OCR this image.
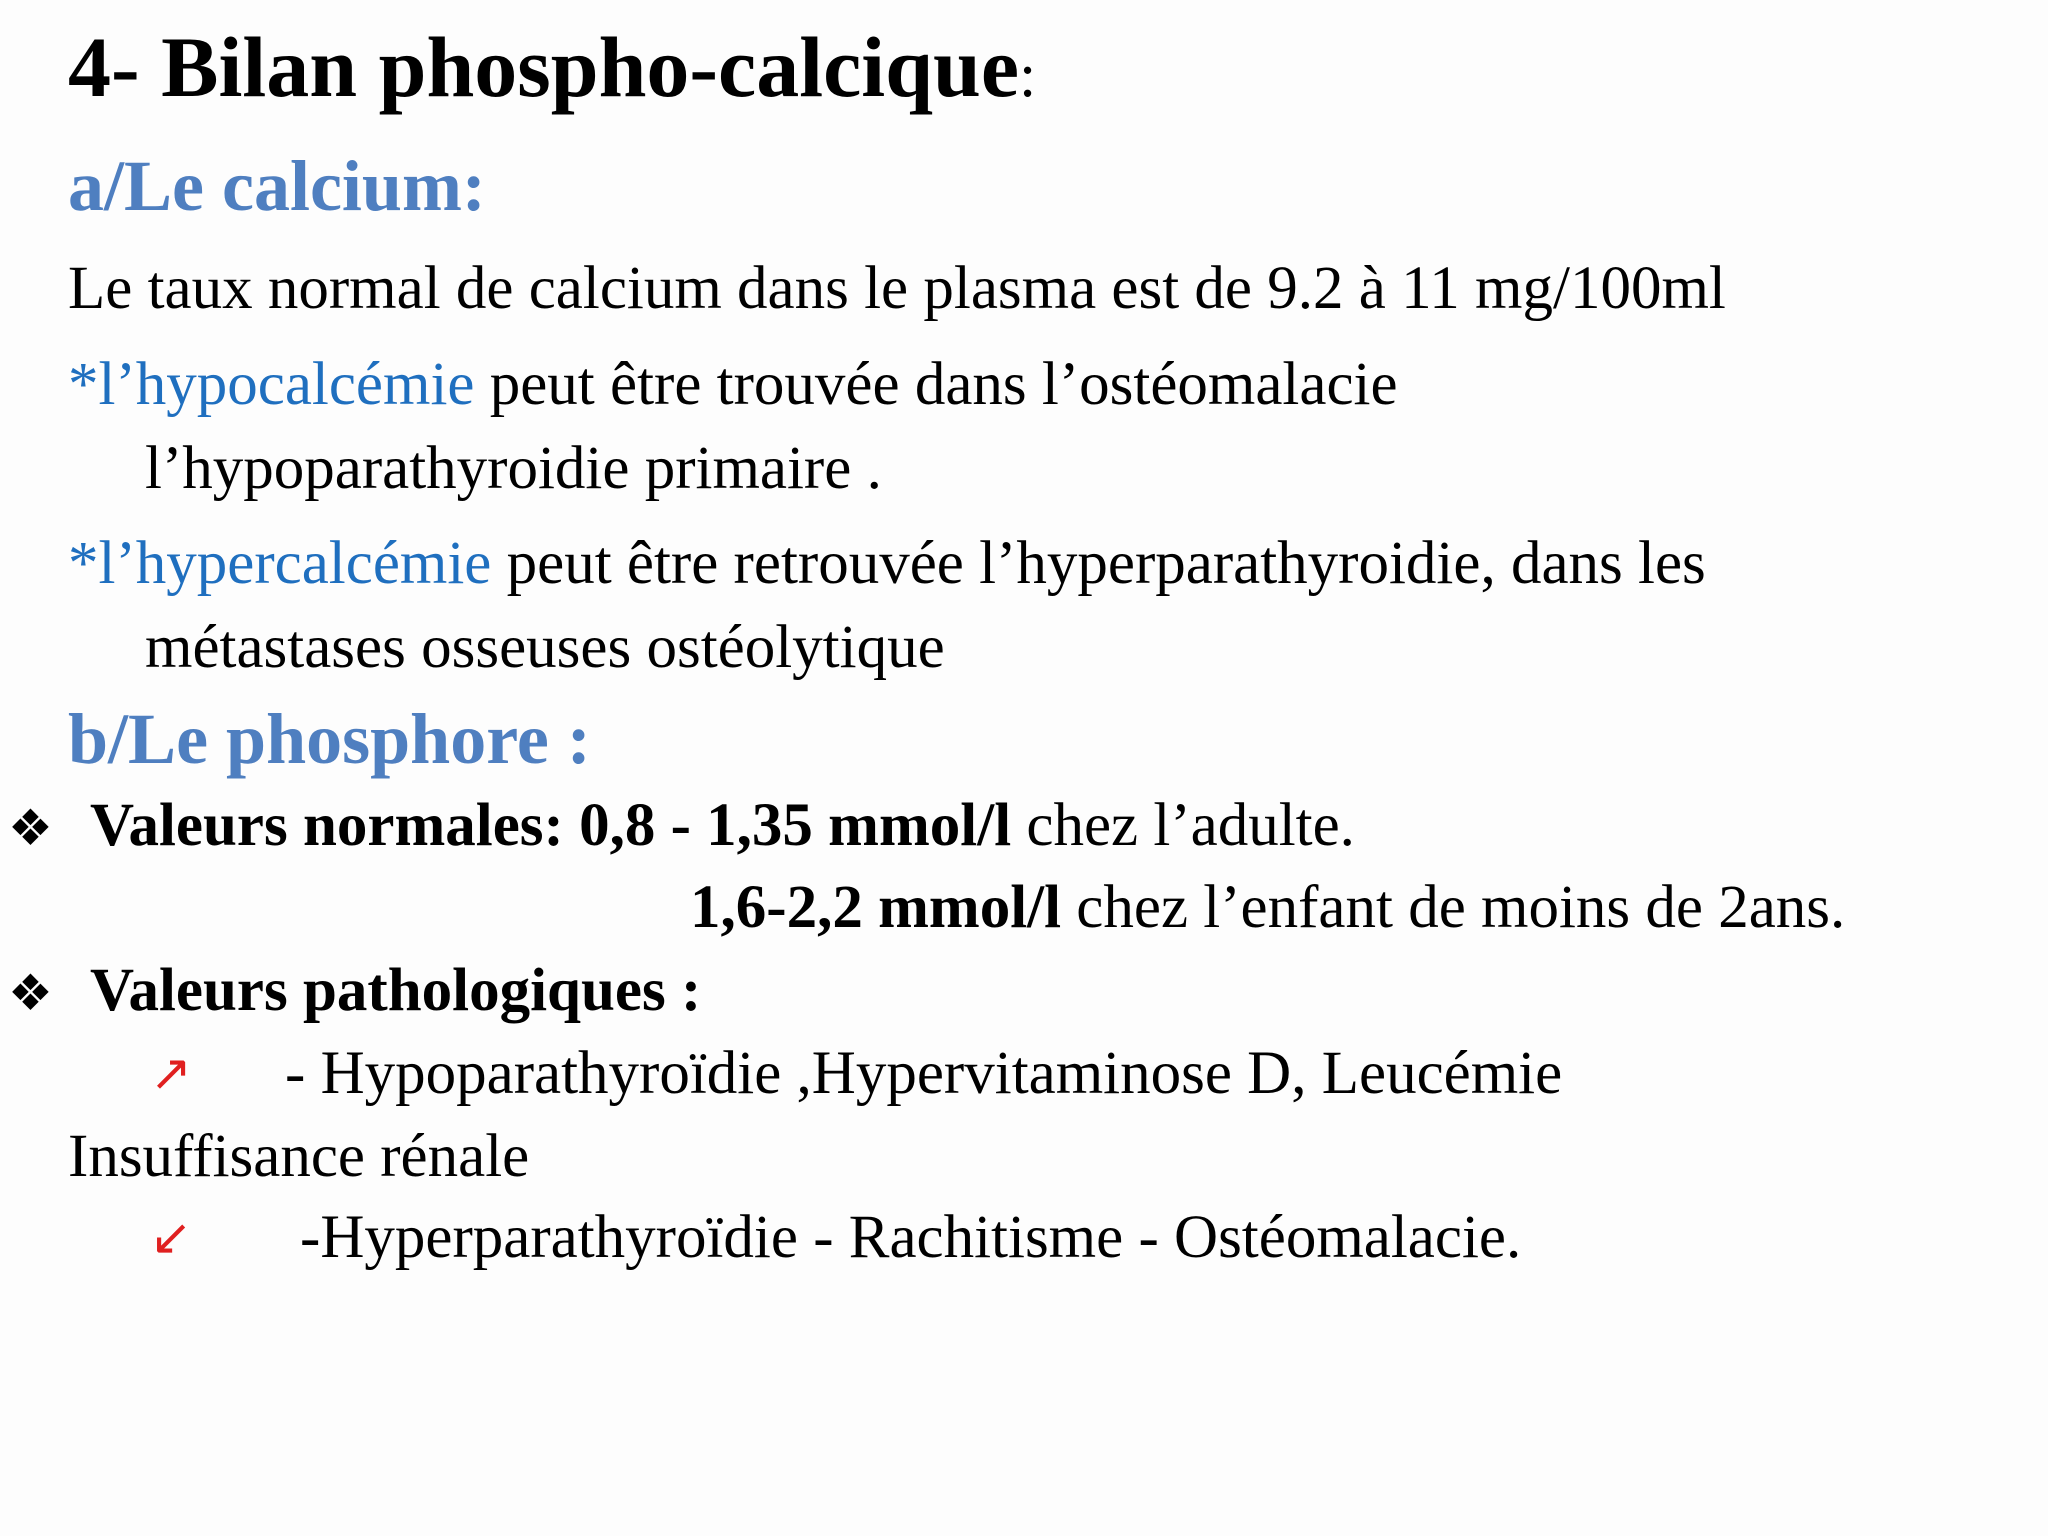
4- Bilan phospho-calcique:
a/Le calcium:
Le taux normal de calcium dans le plasma est de 9.2 à 11 mg/100ml
*l’hypocalcémie peut être trouvée dans l’ostéomalacie
l’hypoparathyroidie primaire .
*l’hypercalcémie peut être retrouvée l’hyperparathyroidie, dans les
métastases osseuses ostéolytique
b/Le phosphore :
❖ Valeurs normales: 0,8 - 1,35 mmol/l chez l’adulte.
1,6-2,2 mmol/l chez l’enfant de moins de 2ans.
❖ Valeurs pathologiques :
↗ - Hypoparathyroïdie ,Hypervitaminose D, Leucémie
Insuffisance rénale
↙ -Hyperparathyroïdie - Rachitisme - Ostéomalacie.
